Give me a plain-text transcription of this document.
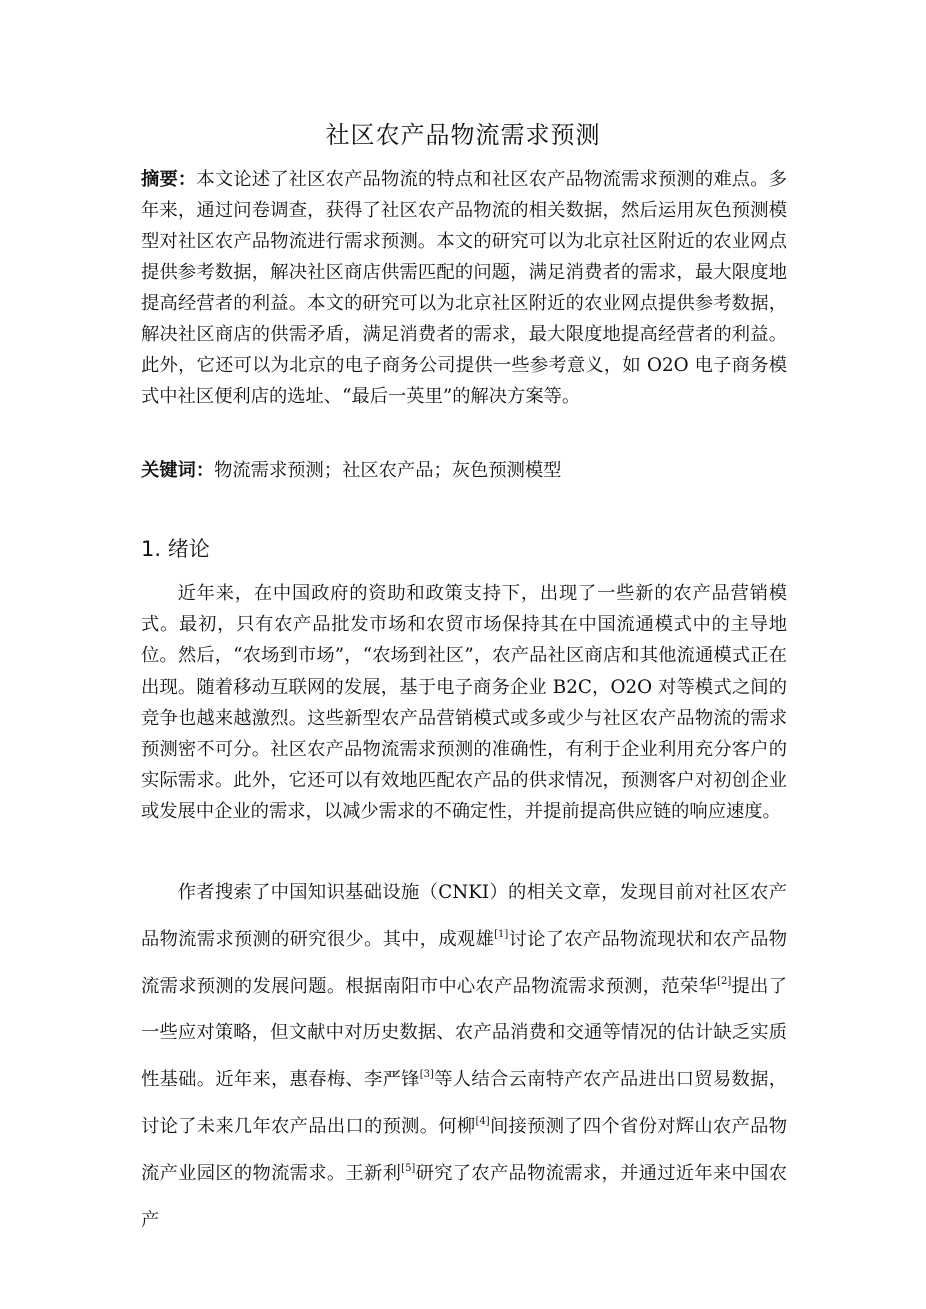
社区农产品物流需求预测

摘要：本文论述了社区农产品物流的特点和社区农产品物流需求预测的难点。多年来，通过问卷调查，获得了社区农产品物流的相关数据，然后运用灰色预测模型对社区农产品物流进行需求预测。本文的研究可以为北京社区附近的农业网点提供参考数据，解决社区商店供需匹配的问题，满足消费者的需求，最大限度地提高经营者的利益。本文的研究可以为北京社区附近的农业网点提供参考数据，解决社区商店的供需矛盾，满足消费者的需求，最大限度地提高经营者的利益。此外，它还可以为北京的电子商务公司提供一些参考意义，如 O2O 电子商务模式中社区便利店的选址、“最后一英里”的解决方案等。

关键词：物流需求预测；社区农产品；灰色预测模型

1. 绪论

近年来，在中国政府的资助和政策支持下，出现了一些新的农产品营销模式。最初，只有农产品批发市场和农贸市场保持其在中国流通模式中的主导地位。然后，“农场到市场”，“农场到社区”，农产品社区商店和其他流通模式正在出现。随着移动互联网的发展，基于电子商务企业 B2C，O2O 对等模式之间的竞争也越来越激烈。这些新型农产品营销模式或多或少与社区农产品物流的需求预测密不可分。社区农产品物流需求预测的准确性，有利于企业利用充分客户的实际需求。此外，它还可以有效地匹配农产品的供求情况，预测客户对初创企业或发展中企业的需求，以减少需求的不确定性，并提前提高供应链的响应速度。

作者搜索了中国知识基础设施（CNKI）的相关文章，发现目前对社区农产品物流需求预测的研究很少。其中，成观雄[1]讨论了农产品物流现状和农产品物流需求预测的发展问题。根据南阳市中心农产品物流需求预测，范荣华[2]提出了一些应对策略，但文献中对历史数据、农产品消费和交通等情况的估计缺乏实质性基础。近年来，惠春梅、李严锋[3]等人结合云南特产农产品进出口贸易数据，讨论了未来几年农产品出口的预测。何柳[4]间接预测了四个省份对辉山农产品物流产业园区的物流需求。王新利[5]研究了农产品物流需求，并通过近年来中国农产
